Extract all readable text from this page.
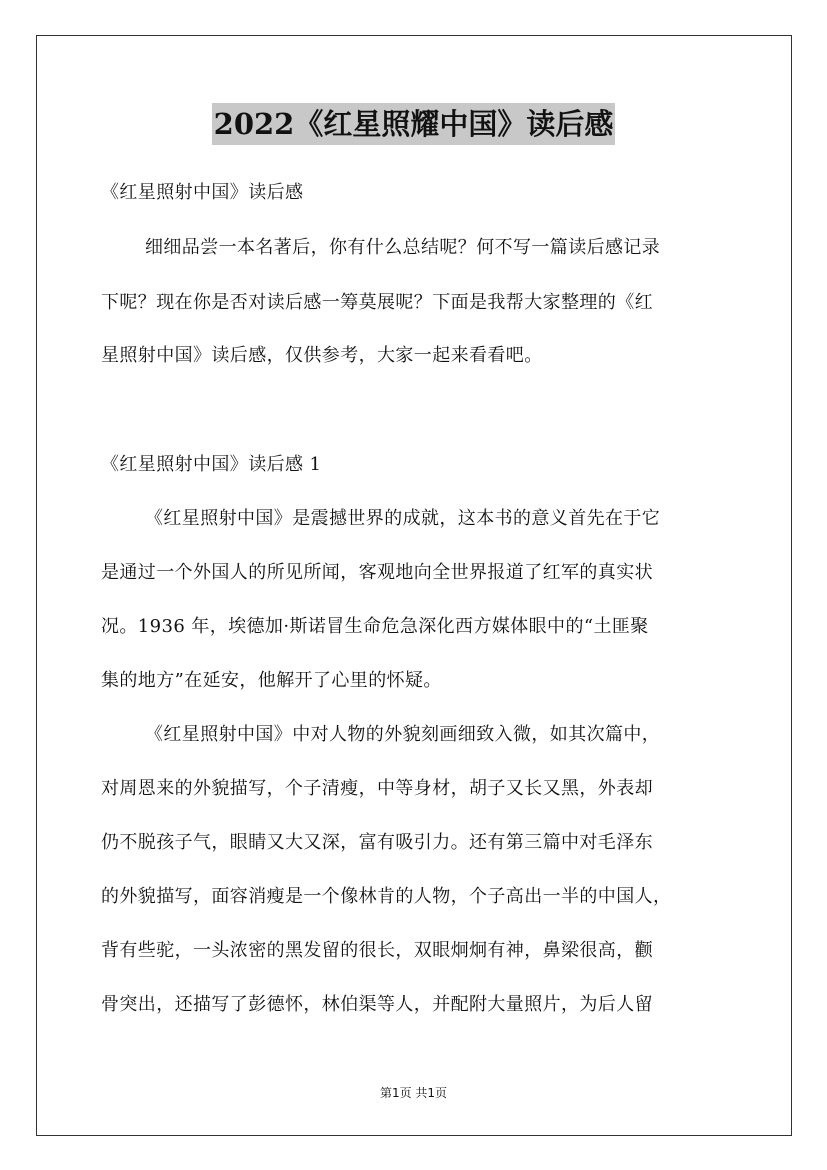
2022《红星照耀中国》读后感
《红星照射中国》读后感
细细品尝一本名著后，你有什么总结呢？何不写一篇读后感记录
下呢？现在你是否对读后感一筹莫展呢？下面是我帮大家整理的《红
星照射中国》读后感，仅供参考，大家一起来看看吧。
《红星照射中国》读后感 1
《红星照射中国》是震撼世界的成就，这本书的意义首先在于它
是通过一个外国人的所见所闻，客观地向全世界报道了红军的真实状
况。1936 年，埃德加·斯诺冒生命危急深化西方媒体眼中的“土匪聚
集的地方”在延安，他解开了心里的怀疑。
《红星照射中国》中对人物的外貌刻画细致入微，如其次篇中，
对周恩来的外貌描写，个子清瘦，中等身材，胡子又长又黑，外表却
仍不脱孩子气，眼睛又大又深，富有吸引力。还有第三篇中对毛泽东
的外貌描写，面容消瘦是一个像林肯的人物，个子高出一半的中国人，
背有些驼，一头浓密的黑发留的很长，双眼炯炯有神，鼻梁很高，颧
骨突出，还描写了彭德怀，林伯渠等人，并配附大量照片，为后人留
第1页 共1页
